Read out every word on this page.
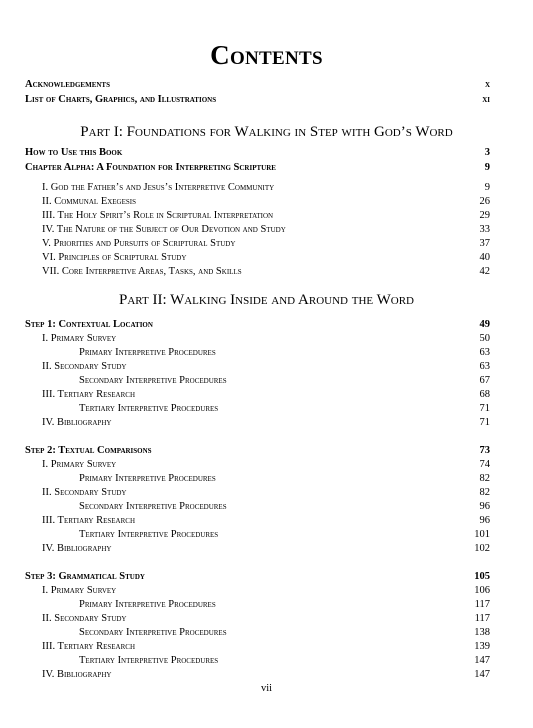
Contents
Acknowledgements	x
List of Charts, Graphics, and Illustrations	xi
Part I: Foundations for Walking in Step with God’s Word
How to Use this Book	3
Chapter Alpha: A Foundation for Interpreting Scripture	9
I. God the Father’s and Jesus’s Interpretive Community	9
II. Communal Exegesis	26
III. The Holy Spirit’s Role in Scriptural Interpretation	29
IV. The Nature of the Subject of Our Devotion and Study	33
V. Priorities and Pursuits of Scriptural Study	37
VI. Principles of Scriptural Study	40
VII. Core Interpretive Areas, Tasks, and Skills	42
Part II: Walking Inside and Around the Word
Step 1: Contextual Location	49
I. Primary Survey	50
Primary Interpretive Procedures	63
II. Secondary Study	63
Secondary Interpretive Procedures	67
III. Tertiary Research	68
Tertiary Interpretive Procedures	71
IV. Bibliography	71
Step 2: Textual Comparisons	73
I. Primary Survey	74
Primary Interpretive Procedures	82
II. Secondary Study	82
Secondary Interpretive Procedures	96
III. Tertiary Research	96
Tertiary Interpretive Procedures	101
IV. Bibliography	102
Step 3: Grammatical Study	105
I. Primary Survey	106
Primary Interpretive Procedures	117
II. Secondary Study	117
Secondary Interpretive Procedures	138
III. Tertiary Research	139
Tertiary Interpretive Procedures	147
IV. Bibliography	147
vii
